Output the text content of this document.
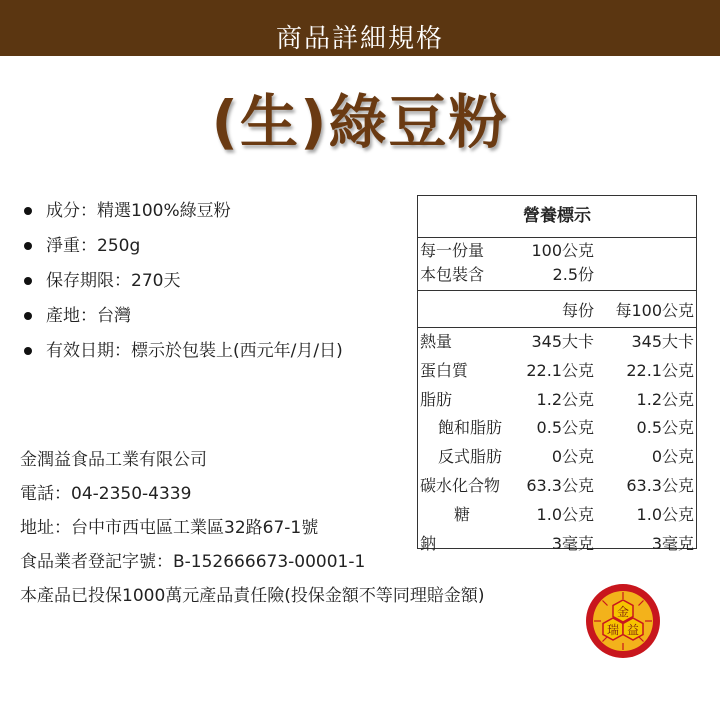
商品詳細規格
(生)綠豆粉
成分：精選100%綠豆粉
淨重：250g
保存期限：270天
產地：台灣
有效日期：標示於包裝上(西元年/月/日)
金潤益食品工業有限公司
電話：04-2350-4339
地址：台中市西屯區工業區32路67-1號
食品業者登記字號：B-152666673-00001-1
本產品已投保1000萬元產品責任險(投保金額不等同理賠金額)
營養標示
每一份量	100公克
本包裝含	2.5份
每份 每100公克
熱量	345大卡 345大卡
蛋白質	22.1公克 22.1公克
脂肪	1.2公克	1.2公克
飽和脂肪 0.5公克	0.5公克
反式脂肪	0公克	0公克
碳水化合物 63.3公克 63.3公克
糖	1.0公克	1.0公克
鈉	3毫克	3毫克
金
瑞 益
